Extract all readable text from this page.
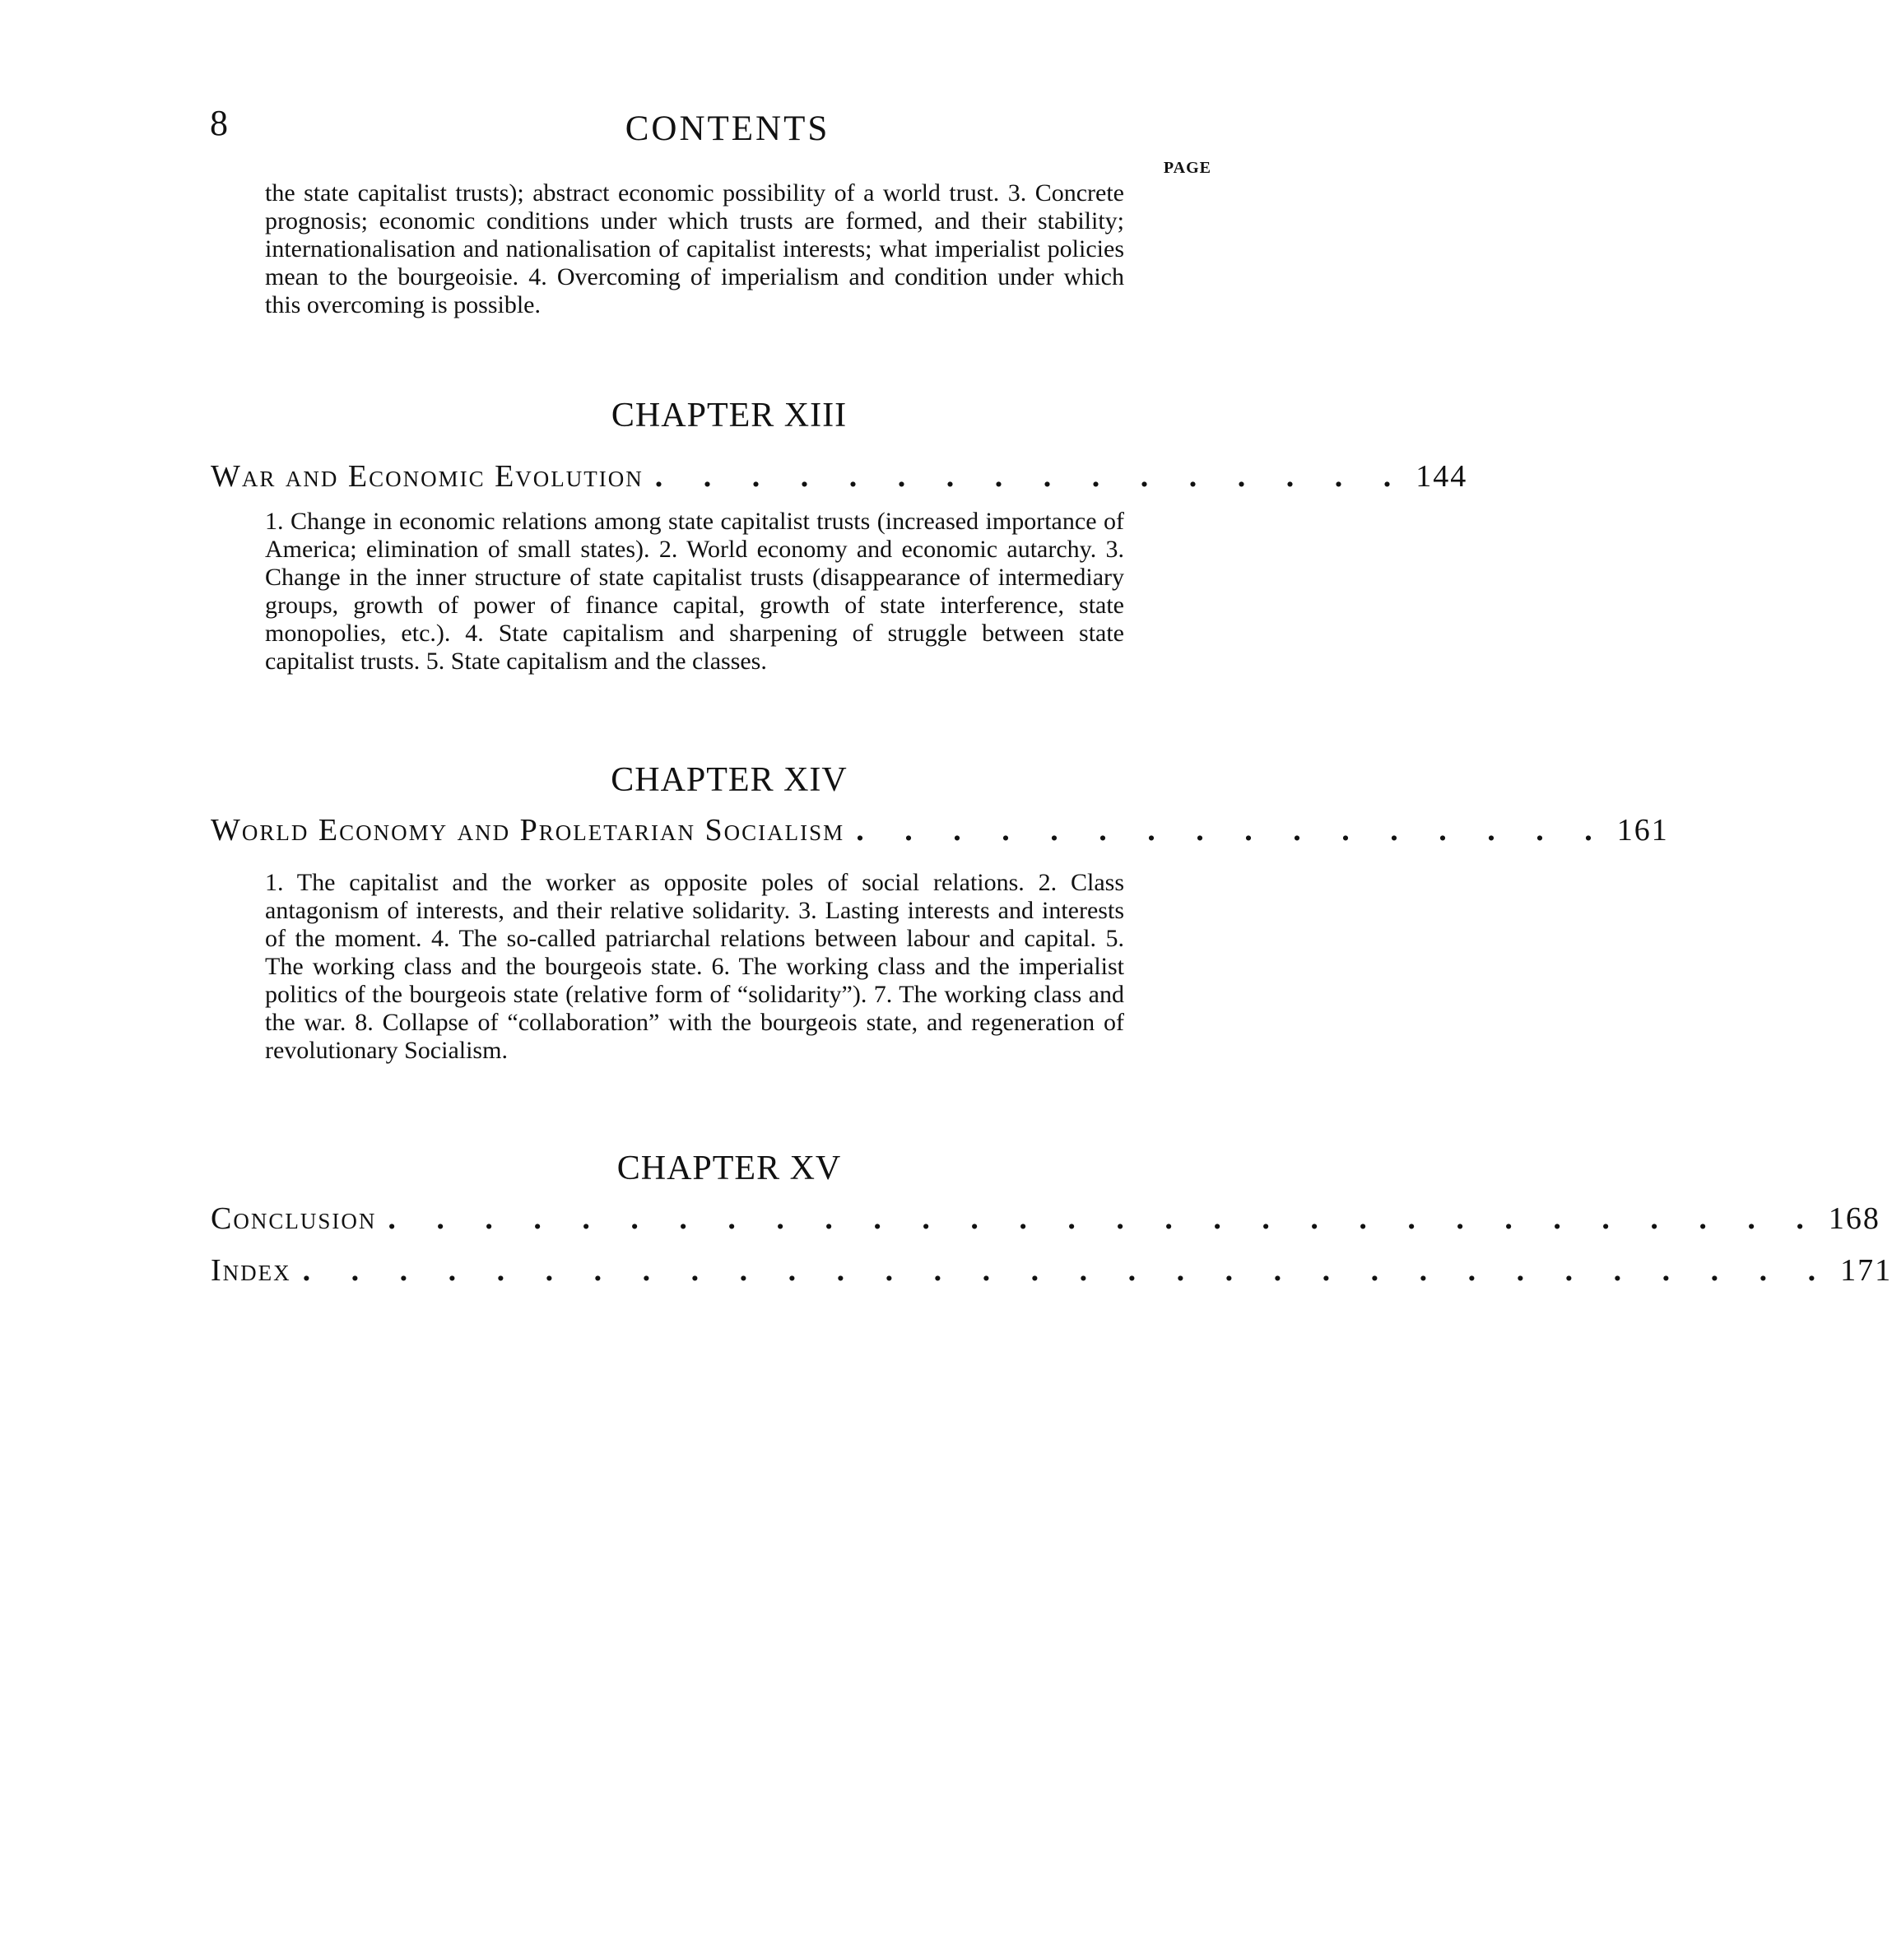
8	CONTENTS
PAGE

the state capitalist trusts); abstract economic possibility of a world trust. 3. Concrete prognosis; economic conditions under which trusts are formed, and their stability; internationalisation and nationalisation of capitalist interests; what imperialist policies mean to the bourgeoisie. 4. Overcoming of imperialism and condition under which this overcoming is possible.

CHAPTER XIII
War and Economic Evolution . . . . . . . . . . . . . . . . 144

1. Change in economic relations among state capitalist trusts (increased importance of America; elimination of small states). 2. World economy and economic autarchy. 3. Change in the inner structure of state capitalist trusts (disappearance of intermediary groups, growth of power of finance capital, growth of state interference, state monopolies, etc.). 4. State capitalism and sharpening of struggle between state capitalist trusts. 5. State capitalism and the classes.

CHAPTER XIV
World Economy and Proletarian Socialism . . . . . . . . . . . . . . . . 161

1. The capitalist and the worker as opposite poles of social relations. 2. Class antagonism of interests, and their relative solidarity. 3. Lasting interests and interests of the moment. 4. The so-called patriarchal relations between labour and capital. 5. The working class and the bourgeois state. 6. The working class and the imperialist politics of the bourgeois state (relative form of “solidarity”). 7. The working class and the war. 8. Collapse of “collaboration” with the bourgeois state, and regeneration of revolutionary Socialism.

CHAPTER XV
Conclusion . . . . . . . . . . . . . . . . . . . . . . . . . . . . . . 168
Index . . . . . . . . . . . . . . . . . . . . . . . . . . . . . . . . 171
